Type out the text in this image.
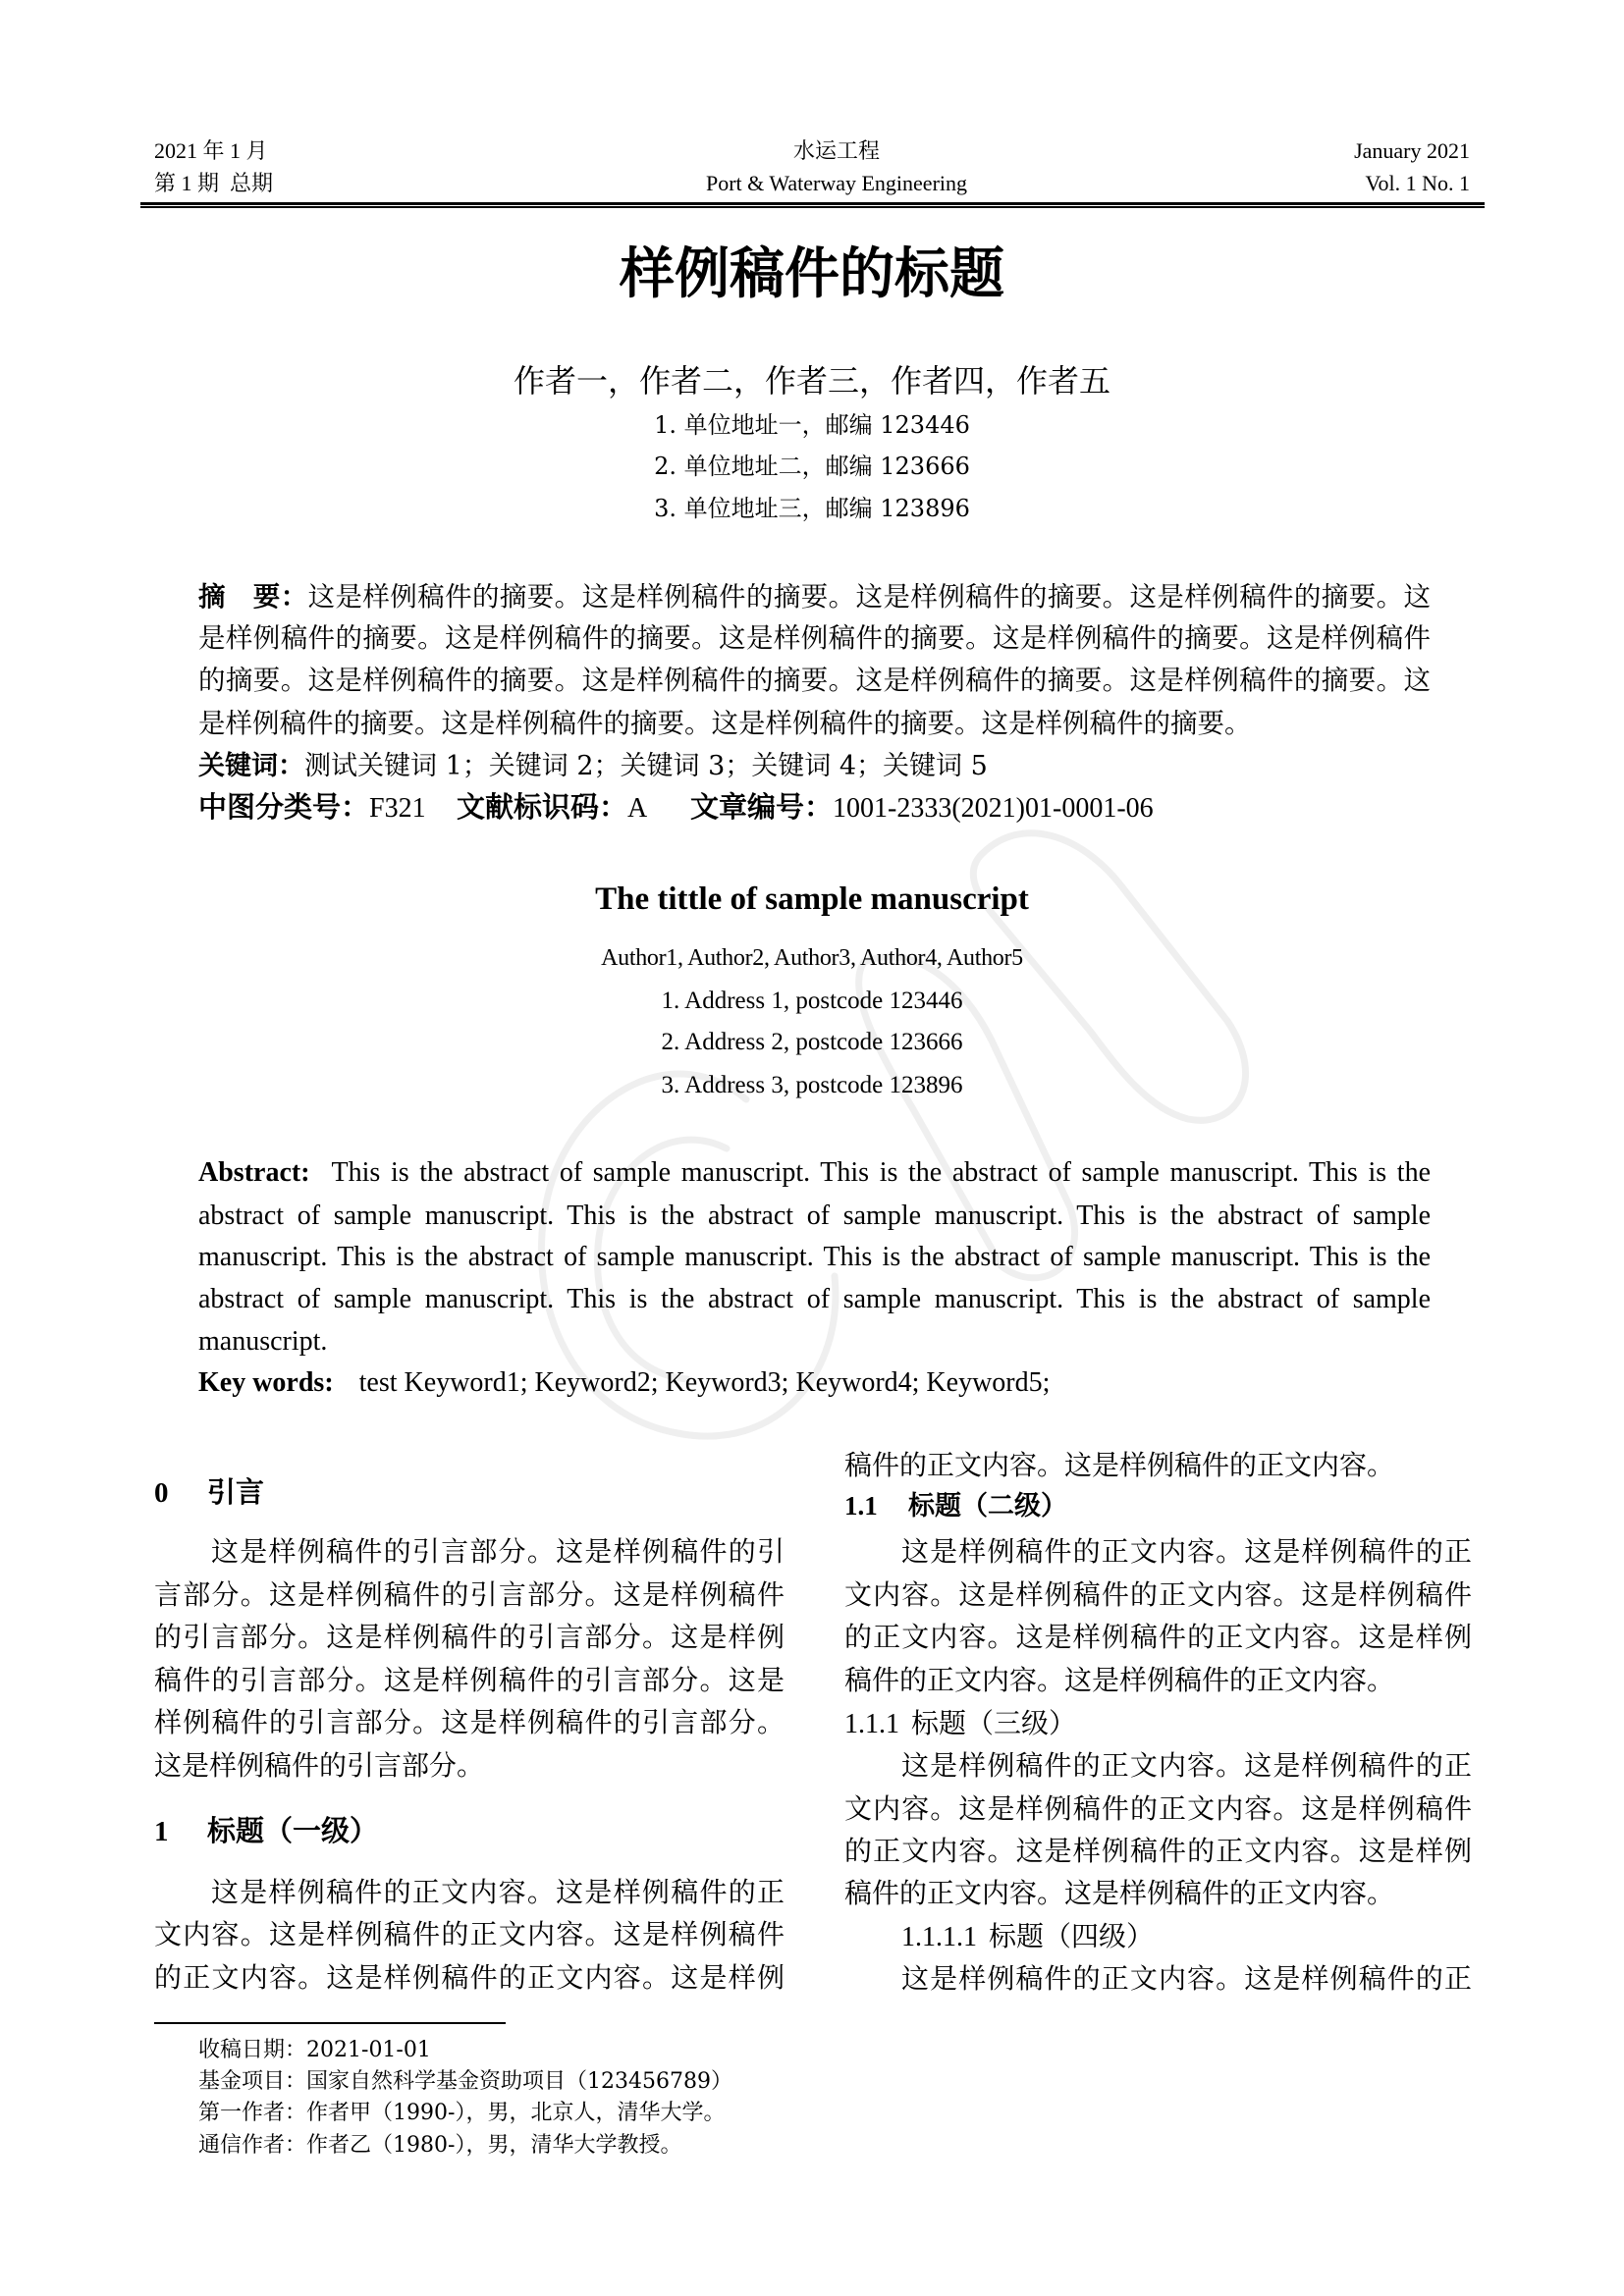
2021 年 1 月
第 1 期  总期
水运工程
Port & Waterway Engineering
January 2021
Vol. 1 No. 1
样例稿件的标题
作者一，作者二，作者三，作者四，作者五
1. 单位地址一，邮编 123446
2. 单位地址二，邮编 123666
3. 单位地址三，邮编 123896
摘　要：这是样例稿件的摘要。这是样例稿件的摘要。这是样例稿件的摘要。这是样例稿件的摘要。这
是样例稿件的摘要。这是样例稿件的摘要。这是样例稿件的摘要。这是样例稿件的摘要。这是样例稿件
的摘要。这是样例稿件的摘要。这是样例稿件的摘要。这是样例稿件的摘要。这是样例稿件的摘要。这
是样例稿件的摘要。这是样例稿件的摘要。这是样例稿件的摘要。这是样例稿件的摘要。
关键词：测试关键词 1；关键词 2；关键词 3；关键词 4；关键词 5
中图分类号：F321 文献标识码：A 文章编号：1001-2333(2021)01-0001-06
The tittle of sample manuscript
Author1, Author2, Author3, Author4, Author5
1. Address 1, postcode 123446
2. Address 2, postcode 123666
3. Address 3, postcode 123896
Abstract: This is the abstract of sample manuscript. This is the abstract of sample manuscript. This is the
abstract of sample manuscript. This is the abstract of sample manuscript. This is the abstract of sample
manuscript. This is the abstract of sample manuscript. This is the abstract of sample manuscript. This is the
abstract of sample manuscript. This is the abstract of sample manuscript. This is the abstract of sample
manuscript.
Key words: test Keyword1; Keyword2; Keyword3; Keyword4; Keyword5;
0 引言
这是样例稿件的引言部分。这是样例稿件的引
言部分。这是样例稿件的引言部分。这是样例稿件
的引言部分。这是样例稿件的引言部分。这是样例
稿件的引言部分。这是样例稿件的引言部分。这是
样例稿件的引言部分。这是样例稿件的引言部分。
这是样例稿件的引言部分。
1 标题（一级）
这是样例稿件的正文内容。这是样例稿件的正
文内容。这是样例稿件的正文内容。这是样例稿件
的正文内容。这是样例稿件的正文内容。这是样例
收稿日期：2021-01-01
基金项目：国家自然科学基金资助项目（123456789）
第一作者：作者甲（1990-），男，北京人，清华大学。
通信作者：作者乙（1980-），男，清华大学教授。
稿件的正文内容。这是样例稿件的正文内容。
1.1 标题（二级）
这是样例稿件的正文内容。这是样例稿件的正
文内容。这是样例稿件的正文内容。这是样例稿件
的正文内容。这是样例稿件的正文内容。这是样例
稿件的正文内容。这是样例稿件的正文内容。
1.1.1 标题（三级）
这是样例稿件的正文内容。这是样例稿件的正
文内容。这是样例稿件的正文内容。这是样例稿件
的正文内容。这是样例稿件的正文内容。这是样例
稿件的正文内容。这是样例稿件的正文内容。
1.1.1.1 标题（四级）
这是样例稿件的正文内容。这是样例稿件的正
